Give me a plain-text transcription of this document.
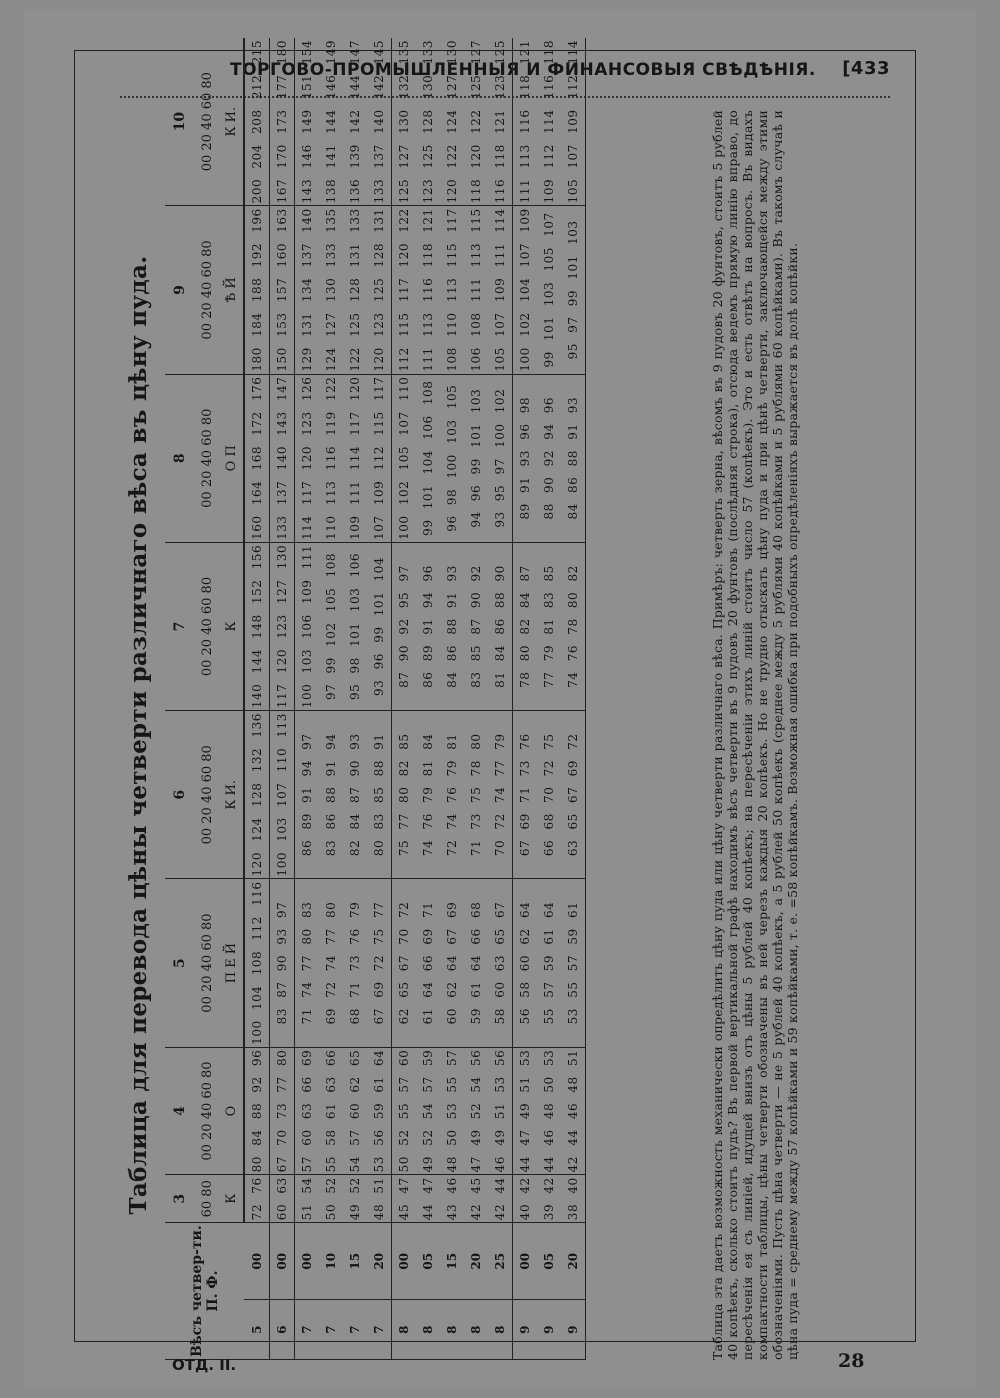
ТОРГОВО-ПРОМЫШЛЕННЫЯ И ФИНАНСОВЫЯ СВѢДѢНIЯ. [433
Таблица для перевода цѣны четверти различнаго вѣса въ цѣну пуда.
Вѣсъ четвер-ти. П. Ф.		3	4	5	6	7	8	9	10
		60 80	00 20 40 60 80	00 20 40 60 80	00 20 40 60 80	00 20 40 60 80	00 20 40 60 80	00 20 40 60 80	00 20 40 60 80
		К	О	П Е Й	К И.	К	О П	Ѣ Й	К И.
5	00	72 76	80 84 88 92 96	100 104 108 112 116	120 124 128 132 136	140 144 148 152 156	160 164 168 172 176	180 184 188 192 196	200 204 208 212 215
6	00	60 63	67 70 73 77 80	83 87 90 93 97	100 103 107 110 113	117 120 123 127 130	133 137 140 143 147	150 153 157 160 163	167 170 173 177 180
7	00	51 54	57 60 63 66 69	71 74 77 80 83	86 89 91 94 97	100 103 106 109 111	114 117 120 123 126	129 131 134 137 140	143 146 149 151 154
7	10	50 52	55 58 61 63 66	69 72 74 77 80	83 86 88 91 94	97 99 102 105 108	110 113 116 119 122	124 127 130 133 135	138 141 144 146 149
7	15	49 52	54 57 60 62 65	68 71 73 76 79	82 84 87 90 93	95 98 101 103 106	109 111 114 117 120	122 125 128 131 133	136 139 142 144 147
7	20	48 51	53 56 59 61 64	67 69 72 75 77	80 83 85 88 91	93 96 99 101 104	107 109 112 115 117	120 123 125 128 131	133 137 140 142 145
8	00	45 47	50 52 55 57 60	62 65 67 70 72	75 77 80 82 85	87 90 92 95 97	100 102 105 107 110	112 115 117 120 122	125 127 130 132 135
8	05	44 47	49 52 54 57 59	61 64 66 69 71	74 76 79 81 84	86 89 91 94 96	99 101 104 106 108	111 113 116 118 121	123 125 128 130 133
8	15	43 46	48 50 53 55 57	60 62 64 67 69	72 74 76 79 81	84 86 88 91 93	96 98 100 103 105	108 110 113 115 117	120 122 124 127 130
8	20	42 45	47 49 52 54 56	59 61 64 66 68	71 73 75 78 80	83 85 87 90 92	94 96 99 101 103	106 108 111 113 115	118 120 122 125 127
8	25	42 44	46 49 51 53 56	58 60 63 65 67	70 72 74 77 79	81 84 86 88 90	93 95 97 100 102	105 107 109 111 114	116 118 121 123 125
9	00	40 42	44 47 49 51 53	56 58 60 62 64	67 69 71 73 76	78 80 82 84 87	89 91 93 96 98	100 102 104 107 109	111 113 116 118 121
9	05	39 42	44 46 48 50 53	55 57 59 61 64	66 68 70 72 75	77 79 81 83 85	88 90 92 94 96	99 101 103 105 107	109 112 114 116 118
9	20	38 40	42 44 46 48 51	53 55 57 59 61	63 65 67 69 72	74 76 78 80 82	84 86 88 91 93	95 97 99 101 103	105 107 109 112 114	Таблица эта даетъ возможность механически опредѣлить цѣну пуда или цѣну четверти различнаго вѣса. Примѣръ: четверть зерна, вѣсомъ въ 9 пудовъ 20 фунтовъ, стоитъ 5 рублей 40 копѣекъ, сколько стоитъ пудъ? Въ первой вертикальной графѣ находимъ вѣсъ четверти въ 9 пудовъ 20 фунтовъ (послѣдняя строка), отсюда ведемъ прямую линію вправо, до пересѣченія ея съ линіей, идущей внизъ отъ цѣны 5 рублей 40 копѣекъ; на пересѣченіи этихъ линій стоитъ число 57 (копѣекъ). Это и есть отвѣтъ на вопросъ. Въ видахъ компактности таблицы, цѣны четверти обозначены въ ней черезъ каждыя 20 копѣекъ. Но не трудно отыскать цѣну пуда и при цѣнѣ четверти, заключающейся между этими обозначеніями. Пусть цѣна четверти — не 5 рублей 40 копѣекъ, а 5 рублей 50 копѣекъ (среднее между 5 рублями 40 копѣйками и 5 рублями 60 копѣйками). Въ такомъ случаѣ и цѣна пуда = среднему между 57 копѣйками и 59 копѣйками, т. е. =58 копѣйкамъ. Возможная ошибка при подобныхъ опредѣленіяхъ выражается въ долѣ копѣйки.
ОТД. II.	28
